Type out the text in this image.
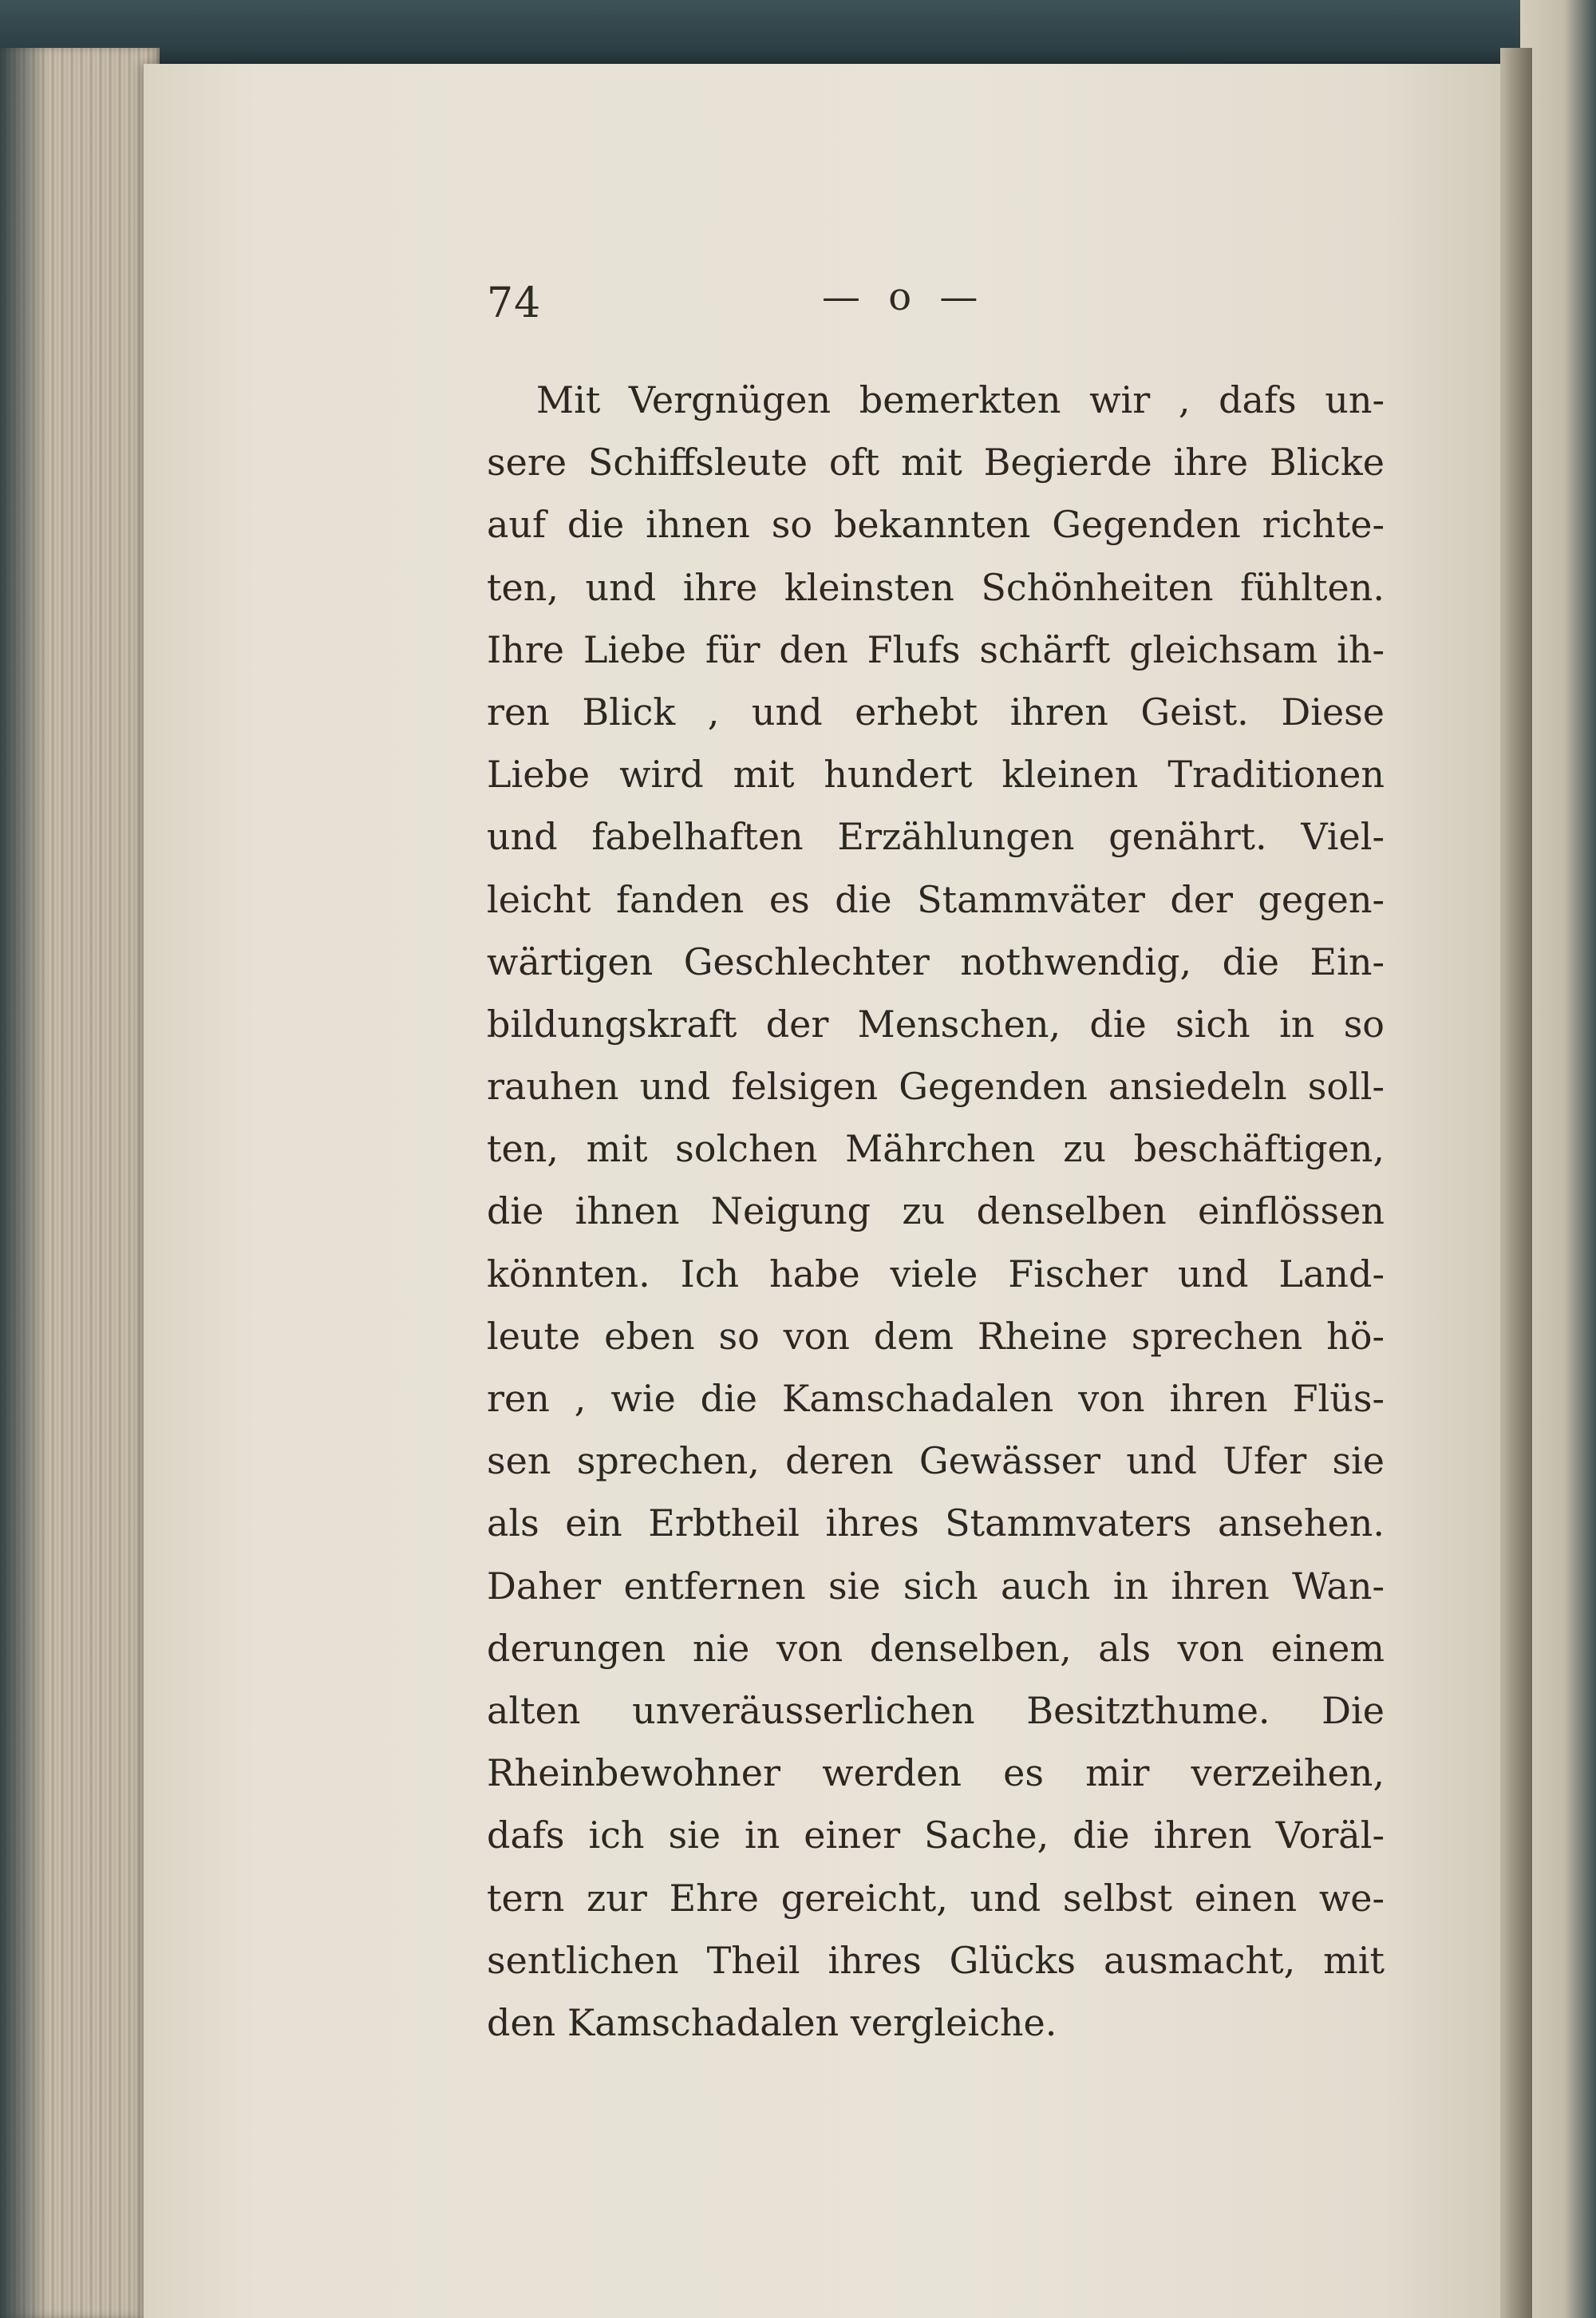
74	— o —
Mit Vergnügen bemerkten wir , dafs un-
sere Schiffsleute oft mit Begierde ihre Blicke
auf die ihnen so bekannten Gegenden richte-
ten, und ihre kleinsten Schönheiten fühlten.
Ihre Liebe für den Flufs schärft gleichsam ih-
ren Blick , und erhebt ihren Geist. Diese
Liebe wird mit hundert kleinen Traditionen
und fabelhaften Erzählungen genährt. Viel-
leicht fanden es die Stammväter der gegen-
wärtigen Geschlechter nothwendig, die Ein-
bildungskraft der Menschen, die sich in so
rauhen und felsigen Gegenden ansiedeln soll-
ten, mit solchen Mährchen zu beschäftigen,
die ihnen Neigung zu denselben einflössen
könnten. Ich habe viele Fischer und Land-
leute eben so von dem Rheine sprechen hö-
ren , wie die Kamschadalen von ihren Flüs-
sen sprechen, deren Gewässer und Ufer sie
als ein Erbtheil ihres Stammvaters ansehen.
Daher entfernen sie sich auch in ihren Wan-
derungen nie von denselben, als von einem
alten unveräusserlichen Besitzthume. Die
Rheinbewohner werden es mir verzeihen,
dafs ich sie in einer Sache, die ihren Voräl-
tern zur Ehre gereicht, und selbst einen we-
sentlichen Theil ihres Glücks ausmacht, mit
den Kamschadalen vergleiche.
